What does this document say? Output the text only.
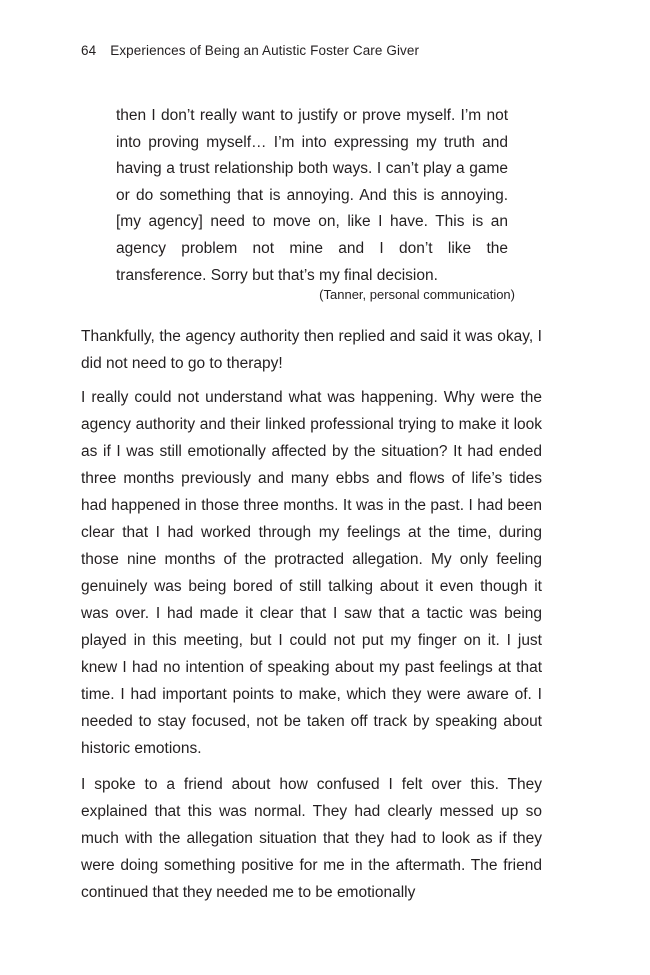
64 Experiences of Being an Autistic Foster Care Giver
then I don’t really want to justify or prove myself. I’m not into proving myself… I’m into expressing my truth and having a trust relationship both ways. I can’t play a game or do something that is annoying. And this is annoying. [my agency] need to move on, like I have. This is an agency problem not mine and I don’t like the transference. Sorry but that’s my final decision.
(Tanner, personal communication)

Thankfully, the agency authority then replied and said it was okay, I did not need to go to therapy!

I really could not understand what was happening. Why were the agency authority and their linked professional trying to make it look as if I was still emotionally affected by the situation? It had ended three months previously and many ebbs and flows of life’s tides had happened in those three months. It was in the past. I had been clear that I had worked through my feelings at the time, during those nine months of the protracted allegation. My only feeling genuinely was being bored of still talking about it even though it was over. I had made it clear that I saw that a tactic was being played in this meeting, but I could not put my finger on it. I just knew I had no intention of speaking about my past feelings at that time. I had important points to make, which they were aware of. I needed to stay focused, not be taken off track by speaking about historic emotions.

I spoke to a friend about how confused I felt over this. They explained that this was normal. They had clearly messed up so much with the allegation situation that they had to look as if they were doing something positive for me in the aftermath. The friend continued that they needed me to be emotionally
